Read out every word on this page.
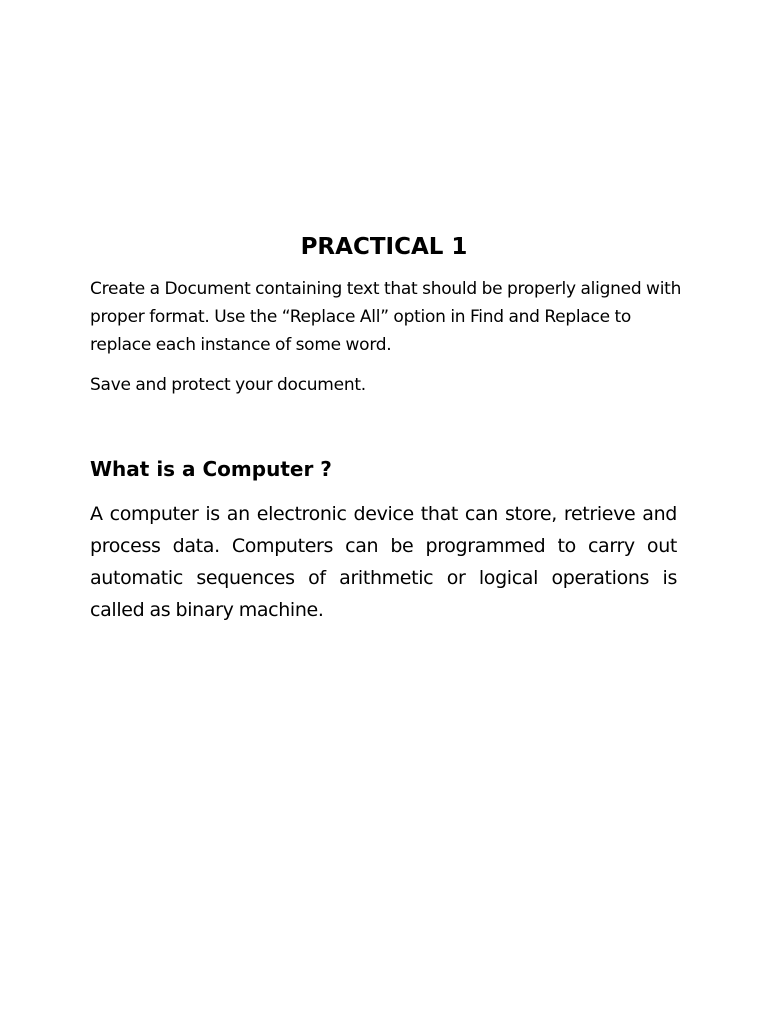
PRACTICAL 1

Create a Document containing text that should be properly aligned with proper format. Use the “Replace All” option in Find and Replace to replace each instance of some word.

Save and protect your document.

What is a Computer ?

A computer is an electronic device that can store, retrieve and process data. Computers can be programmed to carry out automatic sequences of arithmetic or logical operations is called as binary machine.
